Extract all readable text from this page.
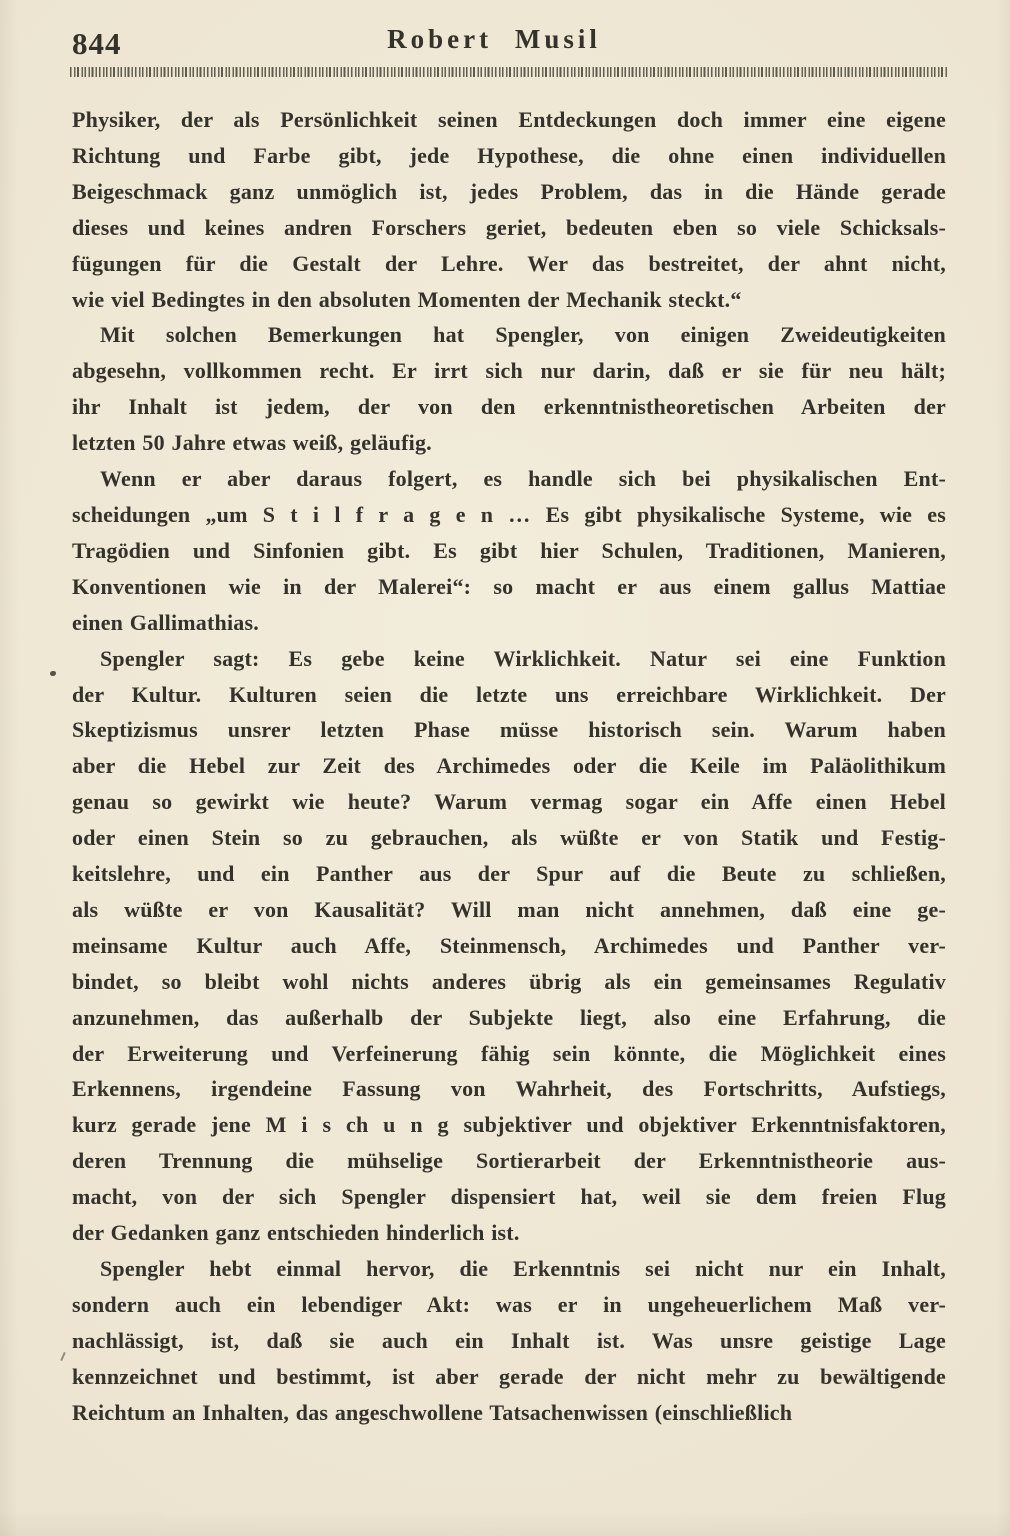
844	Robert Musil

Physiker, der als Persönlichkeit seinen Entdeckungen doch immer eine eigene
Richtung und Farbe gibt, jede Hypothese, die ohne einen individuellen
Beigeschmack ganz unmöglich ist, jedes Problem, das in die Hände gerade
dieses und keines andren Forschers geriet, bedeuten eben so viele Schicksals-
fügungen für die Gestalt der Lehre. Wer das bestreitet, der ahnt nicht,
wie viel Bedingtes in den absoluten Momenten der Mechanik steckt.“

Mit solchen Bemerkungen hat Spengler, von einigen Zweideutigkeiten
abgesehn, vollkommen recht. Er irrt sich nur darin, daß er sie für neu hält;
ihr Inhalt ist jedem, der von den erkenntnistheoretischen Arbeiten der
letzten 50 Jahre etwas weiß, geläufig.

Wenn er aber daraus folgert, es handle sich bei physikalischen Ent-
scheidungen „um S t i l f r a g e n … Es gibt physikalische Systeme, wie es
Tragödien und Sinfonien gibt. Es gibt hier Schulen, Traditionen, Manieren,
Konventionen wie in der Malerei“: so macht er aus einem gallus Mattiae
einen Gallimathias.

Spengler sagt: Es gebe keine Wirklichkeit. Natur sei eine Funktion
der Kultur. Kulturen seien die letzte uns erreichbare Wirklichkeit. Der
Skeptizismus unsrer letzten Phase müsse historisch sein. Warum haben
aber die Hebel zur Zeit des Archimedes oder die Keile im Paläolithikum
genau so gewirkt wie heute? Warum vermag sogar ein Affe einen Hebel
oder einen Stein so zu gebrauchen, als wüßte er von Statik und Festig-
keitslehre, und ein Panther aus der Spur auf die Beute zu schließen,
als wüßte er von Kausalität? Will man nicht annehmen, daß eine ge-
meinsame Kultur auch Affe, Steinmensch, Archimedes und Panther ver-
bindet, so bleibt wohl nichts anderes übrig als ein gemeinsames Regulativ
anzunehmen, das außerhalb der Subjekte liegt, also eine Erfahrung, die
der Erweiterung und Verfeinerung fähig sein könnte, die Möglichkeit eines
Erkennens, irgendeine Fassung von Wahrheit, des Fortschritts, Aufstiegs,
kurz gerade jene M i s ch u n g subjektiver und objektiver Erkenntnisfaktoren,
deren Trennung die mühselige Sortierarbeit der Erkenntnistheorie aus-
macht, von der sich Spengler dispensiert hat, weil sie dem freien Flug
der Gedanken ganz entschieden hinderlich ist.

Spengler hebt einmal hervor, die Erkenntnis sei nicht nur ein Inhalt,
sondern auch ein lebendiger Akt: was er in ungeheuerlichem Maß ver-
nachlässigt, ist, daß sie auch ein Inhalt ist. Was unsre geistige Lage
kennzeichnet und bestimmt, ist aber gerade der nicht mehr zu bewältigende
Reichtum an Inhalten, das angeschwollene Tatsachenwissen (einschließlich
